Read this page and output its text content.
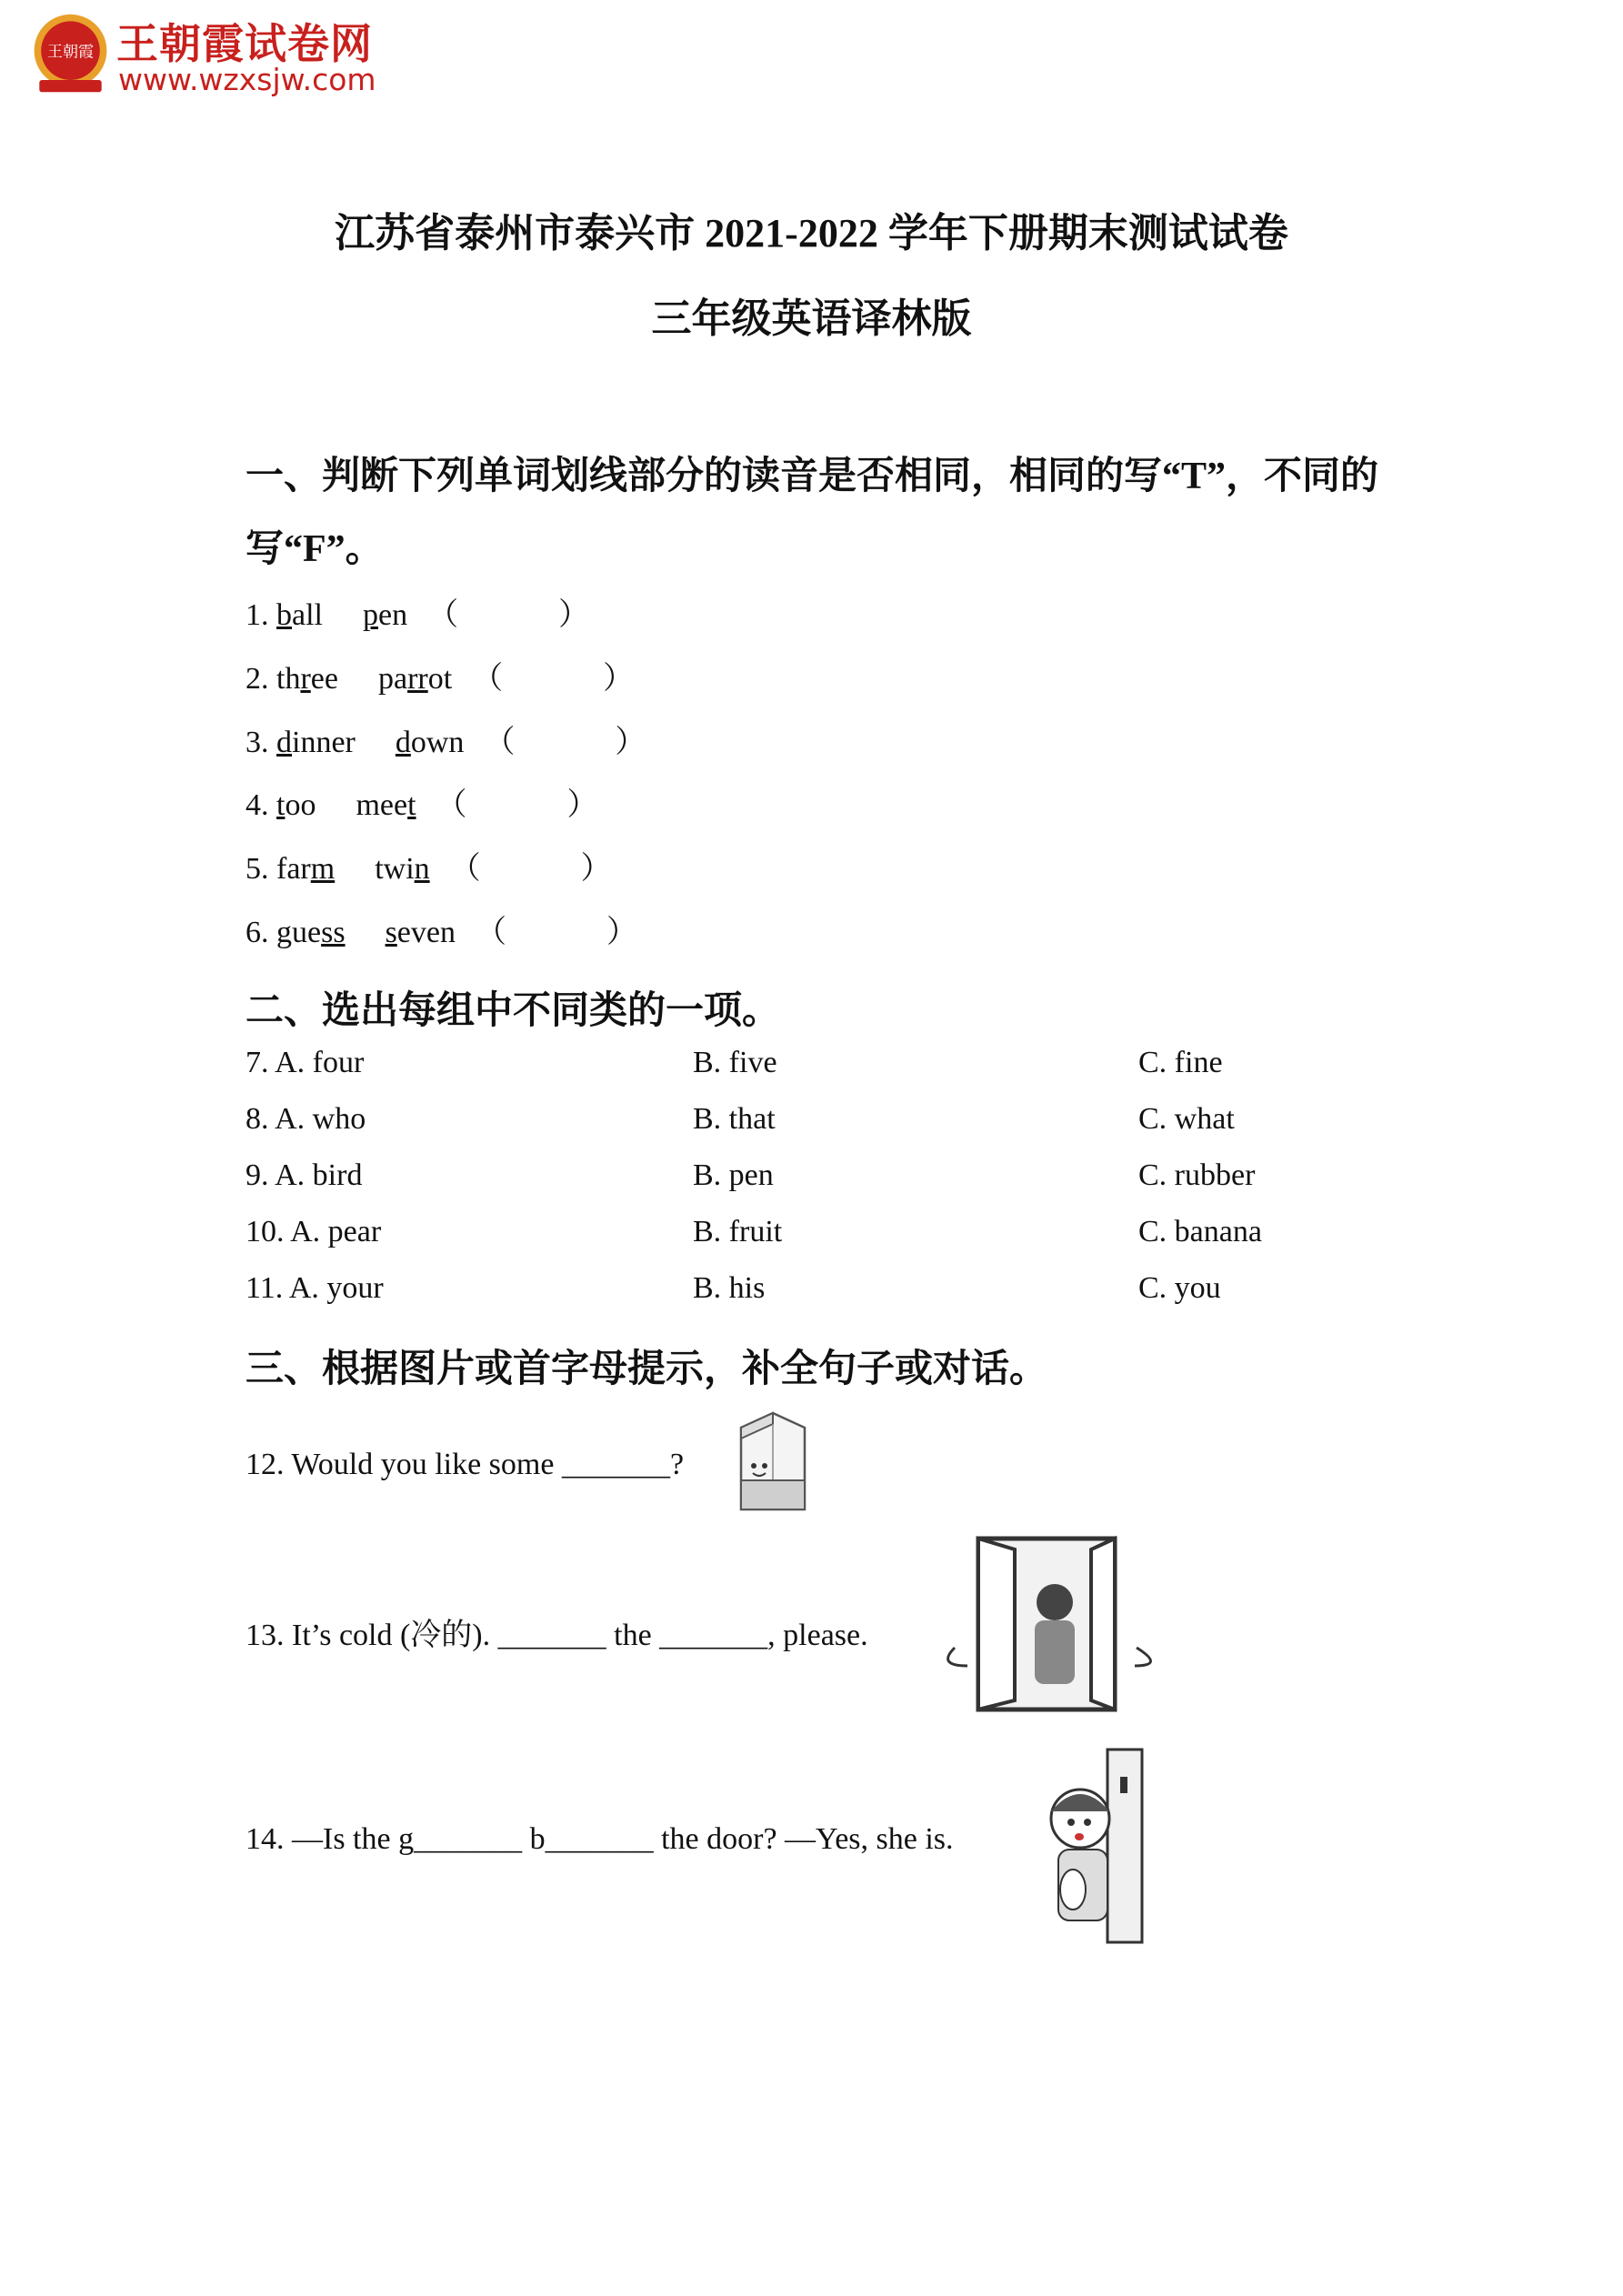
王朝霞 王朝霞试卷网
www.wzxsjw.com
江苏省泰州市泰兴市 2021-2022 学年下册期末测试试卷
三年级英语译林版
一、判断下列单词划线部分的读音是否相同，相同的写“T”，不同的
写“F”。
1. ball pen （	）
2. three parrot （	）
3. dinner down （	）
4. too meet （	）
5. farm twin （	）
6. guess seven （	）
二、选出每组中不同类的一项。
7. A. four	B. five	C. fine
8. A. who	B. that	C. what
9. A. bird	B. pen	C. rubber
10. A. pear	B. fruit	C. banana
11. A. your	B. his	C. you
三、根据图片或首字母提示，补全句子或对话。
12. Would you like some _______?
13. It’s cold (冷的). _______ the _______, please.
14. —Is the g_______ b_______ the door? —Yes, she is.
